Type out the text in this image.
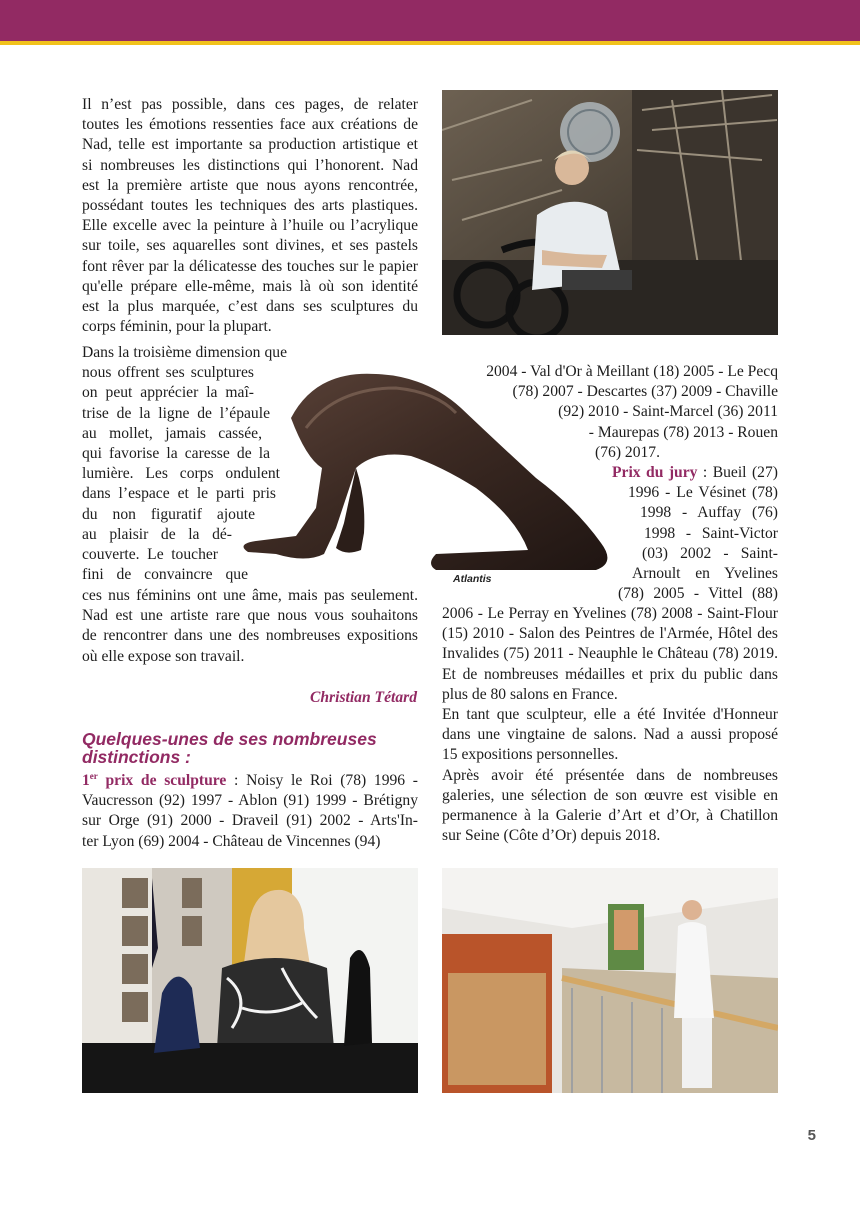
Il n’est pas possible, dans ces pages, de relater
toutes les émotions ressenties face aux créations de
Nad, telle est importante sa production artistique et
si nombreuses les distinctions qui l’honorent. Nad
est la première artiste que nous ayons rencontrée,
possédant toutes les techniques des arts plastiques.
Elle excelle avec la peinture à l’huile ou l’acrylique
sur toile, ses aquarelles sont divines, et ses pastels
font rêver par la délicatesse des touches sur le papier
qu'elle prépare elle-même, mais là où son identité
est la plus marquée, c’est dans ses sculptures du
corps féminin, pour la plupart.
Dans la troisième dimension que
nous offrent ses sculptures
on peut apprécier la maî-
trise de la ligne de l’épaule
au mollet, jamais cassée,
qui favorise la caresse de la
lumière. Les corps ondulent
dans l’espace et le parti pris
du non figuratif ajoute
au plaisir de la dé-
couverte. Le toucher
fini de convaincre que
ces nus féminins ont une âme, mais pas seulement.
Nad est une artiste rare que nous vous souhaitons
de rencontrer dans une des nombreuses expositions
où elle expose son travail.
Christian Tétard
Quelques-unes de ses nombreuses
distinctions :
1er prix de sculpture : Noisy le Roi (78) 1996 -
Vaucresson (92) 1997 - Ablon (91) 1999 - Brétigny
sur Orge (91) 2000 - Draveil (91) 2002 - Arts'In-
ter Lyon (69) 2004 - Château de Vincennes (94)
2004 - Val d'Or à Meillant (18) 2005 - Le Pecq
(78) 2007 - Descartes (37) 2009 - Chaville
(92) 2010 - Saint-Marcel (36) 2011
- Maurepas (78) 2013 - Rouen
(76) 2017.
Prix du jury : Bueil (27)
1996 - Le Vésinet (78)
1998 - Auffay (76)
1998 - Saint-Victor
(03) 2002 - Saint-
Arnoult en Yvelines
(78) 2005 - Vittel (88)
2006 - Le Perray en Yvelines (78) 2008 - Saint-Flour
(15) 2010 - Salon des Peintres de l'Armée, Hôtel des
Invalides (75) 2011 - Neauphle le Château (78) 2019.
Et de nombreuses médailles et prix du public dans
plus de 80 salons en France.
En tant que sculpteur, elle a été Invitée d'Honneur
dans une vingtaine de salons. Nad a aussi proposé
15 expositions personnelles.
Après avoir été présentée dans de nombreuses
galeries, une sélection de son œuvre est visible en
permanence à la Galerie d’Art et d’Or, à Chatillon
sur Seine (Côte d’Or) depuis 2018.
Atlantis
5
